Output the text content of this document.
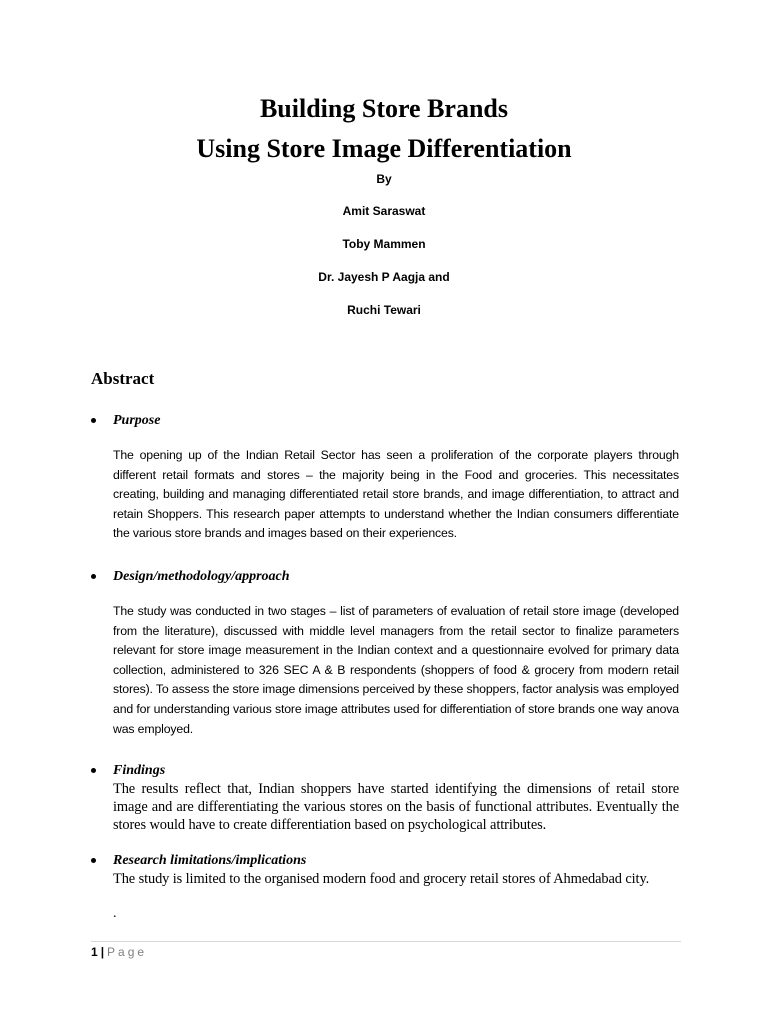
Building Store Brands
Using Store Image Differentiation
By
Amit Saraswat
Toby Mammen
Dr. Jayesh P Aagja and
Ruchi Tewari
Abstract
Purpose

The opening up of the Indian Retail Sector has seen a proliferation of the corporate players through different retail formats and stores – the majority being in the Food and groceries. This necessitates creating, building and managing differentiated retail store brands, and image differentiation, to attract and retain Shoppers. This research paper attempts to understand whether the Indian consumers differentiate the various store brands and images based on their experiences.

Design/methodology/approach

The study was conducted in two stages – list of parameters of evaluation of retail store image (developed from the literature), discussed with middle level managers from the retail sector to finalize parameters relevant for store image measurement in the Indian context and a questionnaire evolved for primary data collection, administered to 326 SEC A & B respondents (shoppers of food & grocery from modern retail stores). To assess the store image dimensions perceived by these shoppers, factor analysis was employed and for understanding various store image attributes used for differentiation of store brands one way anova was employed.

Findings

The results reflect that, Indian shoppers have started identifying the dimensions of retail store image and are differentiating the various stores on the basis of functional attributes. Eventually the stores would have to create differentiation based on psychological attributes.

Research limitations/implications

The study is limited to the organised modern food and grocery retail stores of Ahmedabad city.

.
1 | Page
